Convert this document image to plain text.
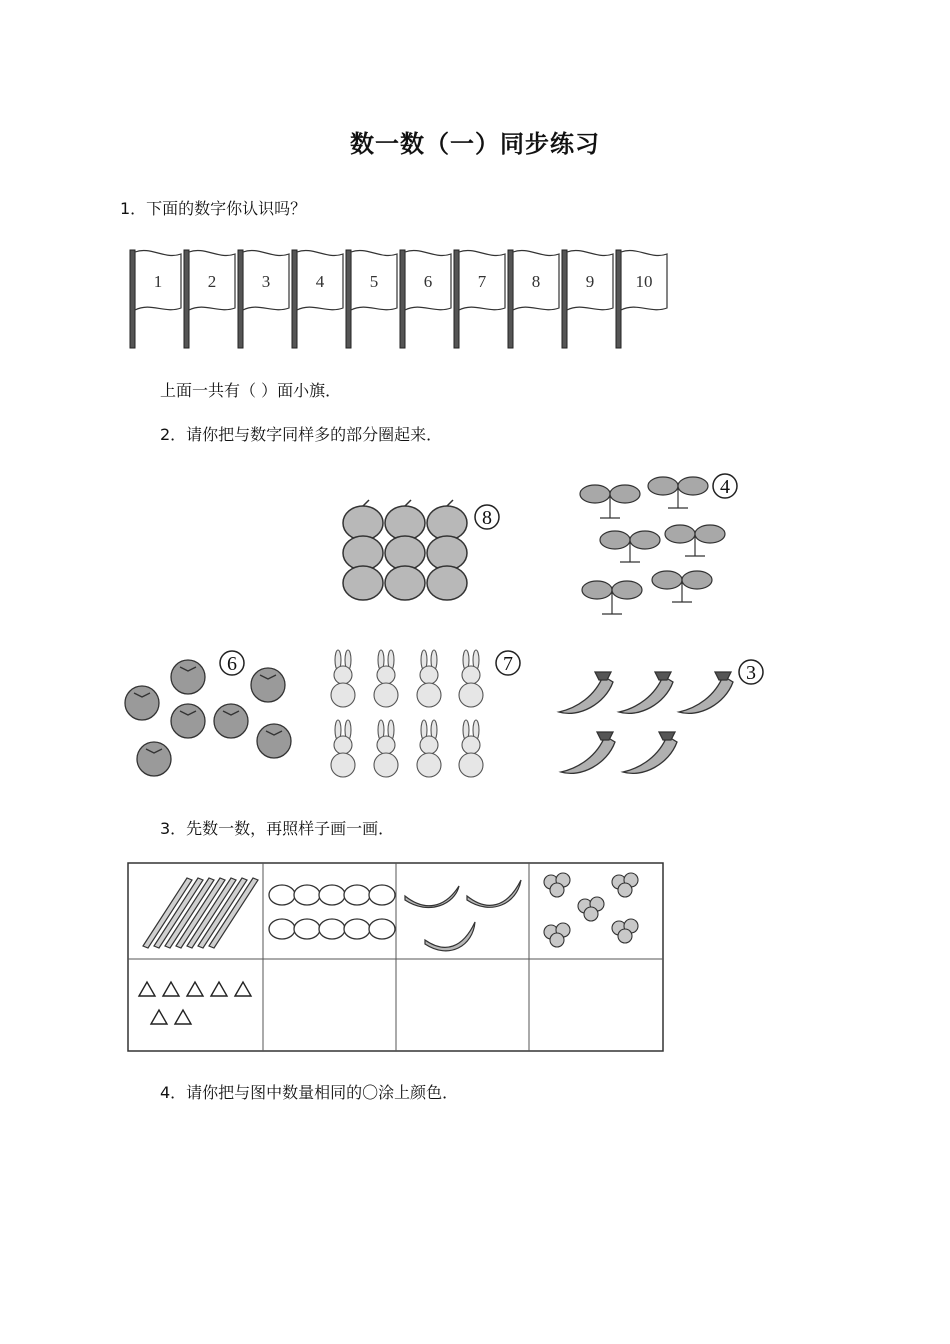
数一数（一）同步练习
1．下面的数字你认识吗？
1	2	3	4	5	6	7	8	9 10
上面一共有（ ）面小旗．
2．请你把与数字同样多的部分圈起来．
8
4
6	7	3
3．先数一数，再照样子画一画．
4．请你把与图中数量相同的〇涂上颜色．
